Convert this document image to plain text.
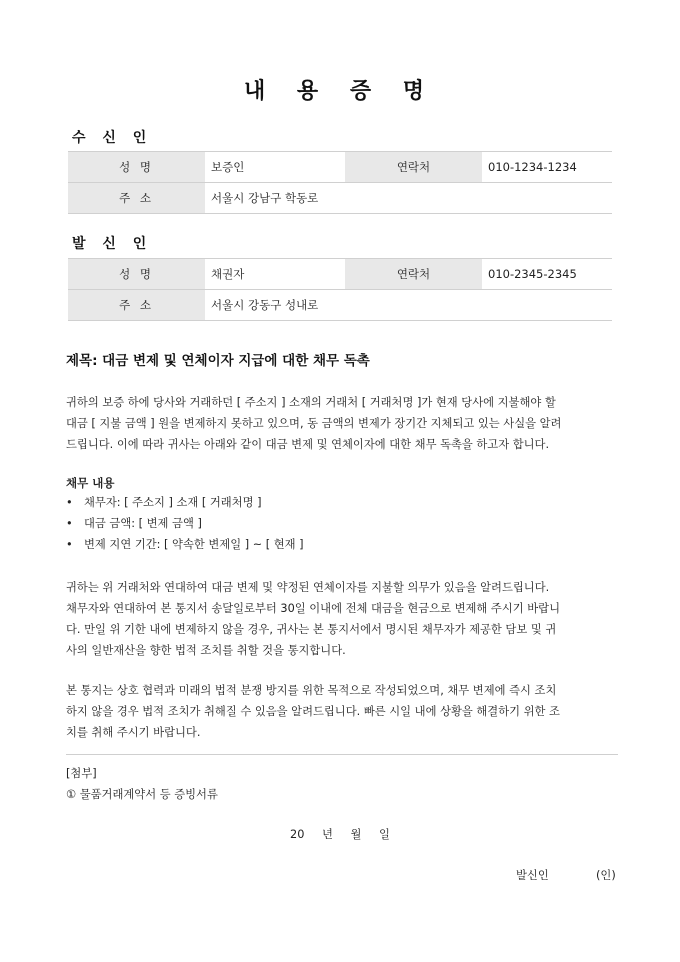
내 용 증 명
수 신 인
성 명	보증인	연락처	010-1234-1234
주 소	서울시 강남구 학동로		
발 신 인
성 명	채권자	연락처	010-2345-2345
주 소	서울시 강동구 성내로		
제목: 대금 변제 및 연체이자 지급에 대한 채무 독촉
귀하의 보증 하에 당사와 거래하던 [ 주소지 ] 소재의 거래처 [ 거래처명 ]가 현재 당사에 지불해야 할
대금 [ 지불 금액 ] 원을 변제하지 못하고 있으며, 동 금액의 변제가 장기간 지체되고 있는 사실을 알려
드립니다. 이에 따라 귀사는 아래와 같이 대금 변제 및 연체이자에 대한 채무 독촉을 하고자 합니다.
채무 내용
• 채무자: [ 주소지 ] 소재 [ 거래처명 ]
• 대금 금액: [ 변제 금액 ]
• 변제 지연 기간: [ 약속한 변제일 ] ~ [ 현재 ]
귀하는 위 거래처와 연대하여 대금 변제 및 약정된 연체이자를 지불할 의무가 있음을 알려드립니다.
채무자와 연대하여 본 통지서 송달일로부터 30일 이내에 전체 대금을 현금으로 변제해 주시기 바랍니
다. 만일 위 기한 내에 변제하지 않을 경우, 귀사는 본 통지서에서 명시된 채무자가 제공한 담보 및 귀
사의 일반재산을 향한 법적 조치를 취할 것을 통지합니다.
본 통지는 상호 협력과 미래의 법적 분쟁 방지를 위한 목적으로 작성되었으며, 채무 변제에 즉시 조치
하지 않을 경우 법적 조치가 취해질 수 있음을 알려드립니다. 빠른 시일 내에 상황을 해결하기 위한 조
치를 취해 주시기 바랍니다.
[첨부]
① 물품거래계약서 등 증빙서류
20 년 월 일
발신인	(인)
